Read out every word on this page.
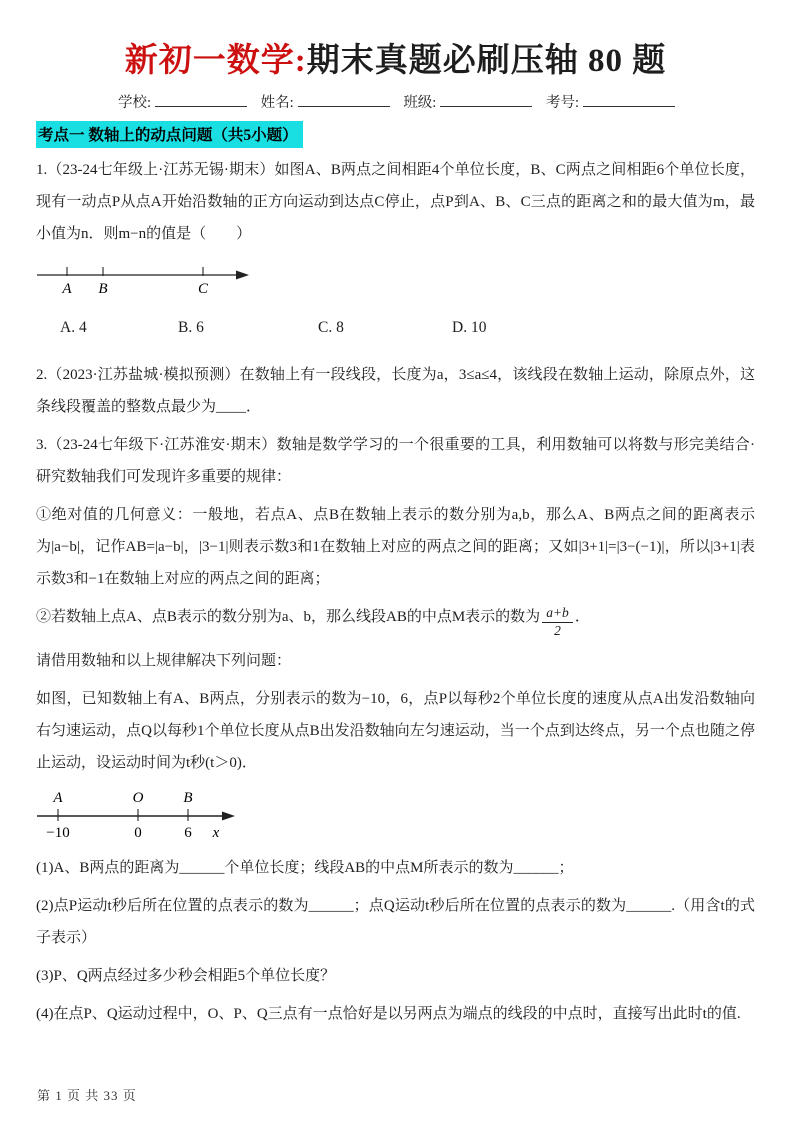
新初一数学:期末真题必刷压轴 80 题
学校:	姓名:	班级:	考号:
考点一 数轴上的动点问题（共5小题）

1.（23-24七年级上·江苏无锡·期末）如图A、B两点之间相距4个单位长度，B、C两点之间相距6个单位长度，现有一动点P从点A开始沿数轴的正方向运动到达点C停止，点P到A、B、C三点的距离之和的最大值为m，最小值为n．则m−n的值是（　　）

A B	C
A. 4	B. 6	C. 8	D. 10

2.（2023·江苏盐城·模拟预测）在数轴上有一段线段，长度为a，3≤a≤4，该线段在数轴上运动，除原点外，这条线段覆盖的整数点最少为____．

3.（23-24七年级下·江苏淮安·期末）数轴是数学学习的一个很重要的工具，利用数轴可以将数与形完美结合·研究数轴我们可发现许多重要的规律：

①绝对值的几何意义：一般地，若点A、点B在数轴上表示的数分别为a,b，那么A、B两点之间的距离表示为|a−b|，记作AB=|a−b|，|3−1|则表示数3和1在数轴上对应的两点之间的距离；又如|3+1|=|3−(−1)|，所以|3+1|表示数3和−1在数轴上对应的两点之间的距离；

②若数轴上点A、点B表示的数分别为a、b，那么线段AB的中点M表示的数为 $\frac{a+b}{2}$ ．

请借用数轴和以上规律解决下列问题：

如图，已知数轴上有A、B两点，分别表示的数为−10，6，点P以每秒2个单位长度的速度从点A出发沿数轴向右匀速运动，点Q以每秒1个单位长度从点B出发沿数轴向左匀速运动，当一个点到达终点，另一个点也随之停止运动，设运动时间为t秒(t＞0)．

A	O	B
−10	0	6 x

(1)A、B两点的距离为______个单位长度；线段AB的中点M所表示的数为______；

(2)点P运动t秒后所在位置的点表示的数为______；点Q运动t秒后所在位置的点表示的数为______.（用含t的式子表示）

(3)P、Q两点经过多少秒会相距5个单位长度？

(4)在点P、Q运动过程中，O、P、Q三点有一点恰好是以另两点为端点的线段的中点时，直接写出此时t的值.

第 1 页 共 33 页
